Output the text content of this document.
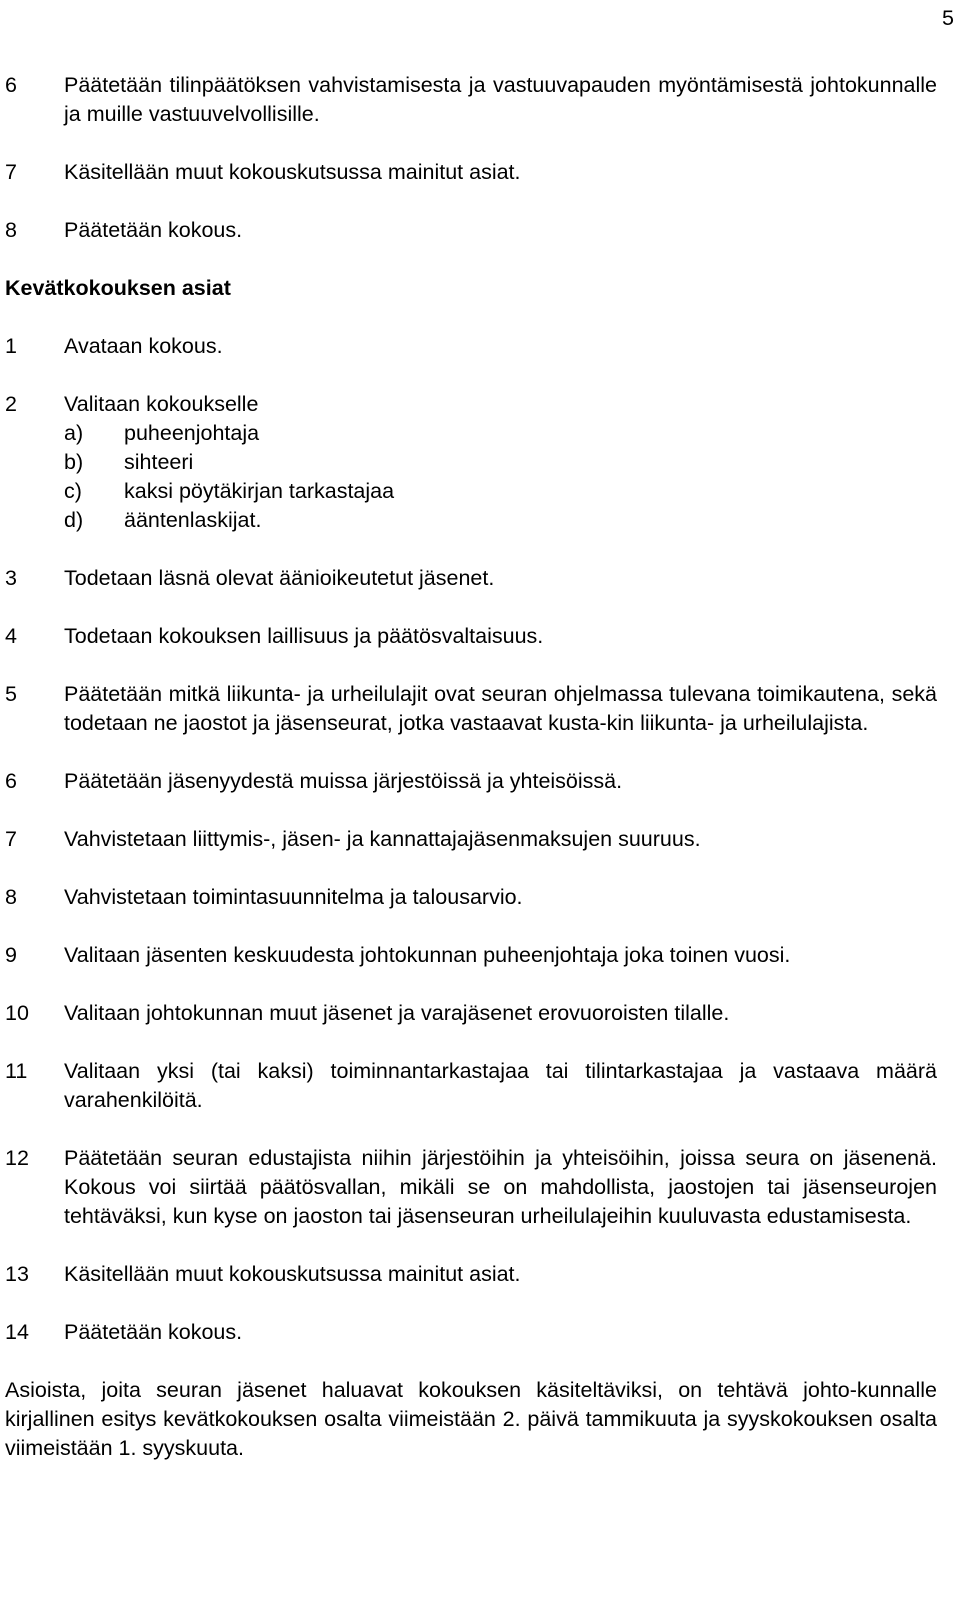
5
6	Päätetään tilinpäätöksen vahvistamisesta ja vastuuvapauden myöntämisestä johtokunnalle ja muille vastuuvelvollisille.
7	Käsitellään muut kokouskutsussa mainitut asiat.
8	Päätetään kokous.
Kevätkokouksen asiat
1	Avataan kokous.
2	Valitaan kokoukselle
a)	puheenjohtaja
b)	sihteeri
c)	kaksi pöytäkirjan tarkastajaa
d)	ääntenlaskijat.
3	Todetaan läsnä olevat äänioikeutetut jäsenet.
4	Todetaan kokouksen laillisuus ja päätösvaltaisuus.
5	Päätetään mitkä liikunta- ja urheilulajit ovat seuran ohjelmassa tulevana toimikautena, sekä todetaan ne jaostot ja jäsenseurat, jotka vastaavat kusta-kin liikunta- ja urheilulajista.
6	Päätetään jäsenyydestä muissa järjestöissä ja yhteisöissä.
7	Vahvistetaan liittymis-, jäsen- ja kannattajajäsenmaksujen suuruus.
8	Vahvistetaan toimintasuunnitelma ja talousarvio.
9	Valitaan jäsenten keskuudesta johtokunnan puheenjohtaja joka toinen vuosi.
10	Valitaan johtokunnan muut jäsenet ja varajäsenet erovuoroisten tilalle.
11	Valitaan yksi (tai kaksi) toiminnantarkastajaa tai tilintarkastajaa ja vastaava määrä varahenkilöitä.
12	Päätetään seuran edustajista niihin järjestöihin ja yhteisöihin, joissa seura on jäsenenä. Kokous voi siirtää päätösvallan, mikäli se on mahdollista, jaostojen tai jäsenseurojen tehtäväksi, kun kyse on jaoston tai jäsenseuran urheilulajeihin kuuluvasta edustamisesta.
13	Käsitellään muut kokouskutsussa mainitut asiat.
14	Päätetään kokous.
Asioista, joita seuran jäsenet haluavat kokouksen käsiteltäviksi, on tehtävä johto-kunnalle kirjallinen esitys kevätkokouksen osalta viimeistään 2. päivä tammikuuta ja syyskokouksen osalta viimeistään 1. syyskuuta.
